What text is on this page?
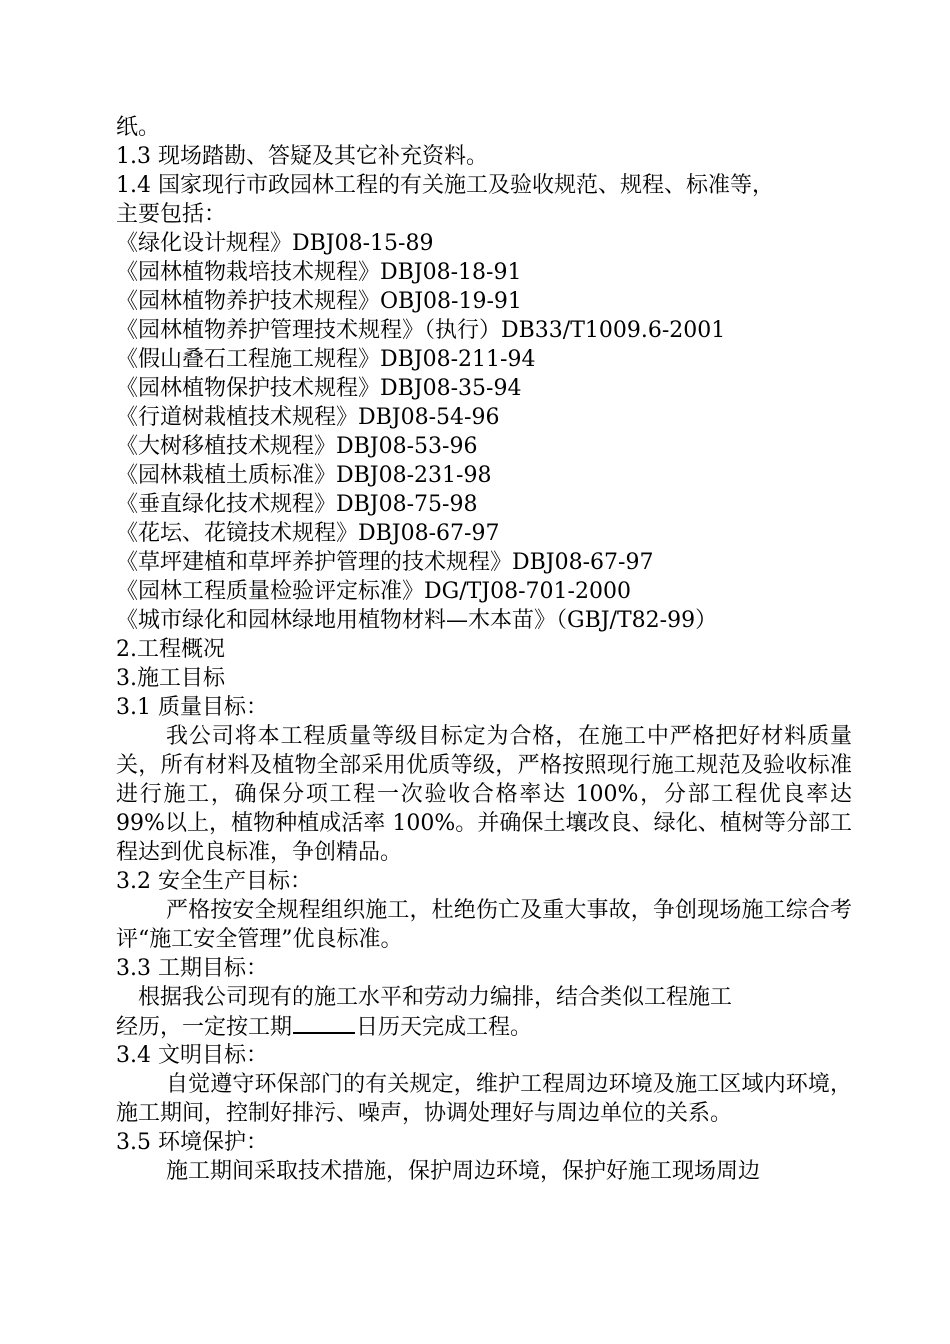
纸。
1.3 现场踏勘、答疑及其它补充资料。
1.4 国家现行市政园林工程的有关施工及验收规范、规程、标准等，
主要包括：
《绿化设计规程》DBJ08-15-89
《园林植物栽培技术规程》DBJ08-18-91
《园林植物养护技术规程》OBJ08-19-91
《园林植物养护管理技术规程》（执行）DB33/T1009.6-2001
《假山叠石工程施工规程》DBJ08-211-94
《园林植物保护技术规程》DBJ08-35-94
《行道树栽植技术规程》DBJ08-54-96
《大树移植技术规程》DBJ08-53-96
《园林栽植土质标准》DBJ08-231-98
《垂直绿化技术规程》DBJ08-75-98
《花坛、花镜技术规程》DBJ08-67-97
《草坪建植和草坪养护管理的技术规程》DBJ08-67-97
《园林工程质量检验评定标准》DG/TJ08-701-2000
《城市绿化和园林绿地用植物材料—木本苗》（GBJ/T82-99）
2.工程概况
3.施工目标
3.1 质量目标：
我公司将本工程质量等级目标定为合格，在施工中严格把好材料质量关，所有材料及植物全部采用优质等级，严格按照现行施工规范及验收标准进行施工，确保分项工程一次验收合格率达 100%，分部工程优良率达 99%以上，植物种植成活率 100%。并确保土壤改良、绿化、植树等分部工程达到优良标准，争创精品。
3.2 安全生产目标：
严格按安全规程组织施工，杜绝伤亡及重大事故，争创现场施工综合考评“施工安全管理”优良标准。
3.3 工期目标：
根据我公司现有的施工水平和劳动力编排，结合类似工程施工
经历，一定按工期	日历天完成工程。
3.4 文明目标：
自觉遵守环保部门的有关规定，维护工程周边环境及施工区域内环境，施工期间，控制好排污、噪声，协调处理好与周边单位的关系。
3.5 环境保护：
施工期间采取技术措施，保护周边环境，保护好施工现场周边
